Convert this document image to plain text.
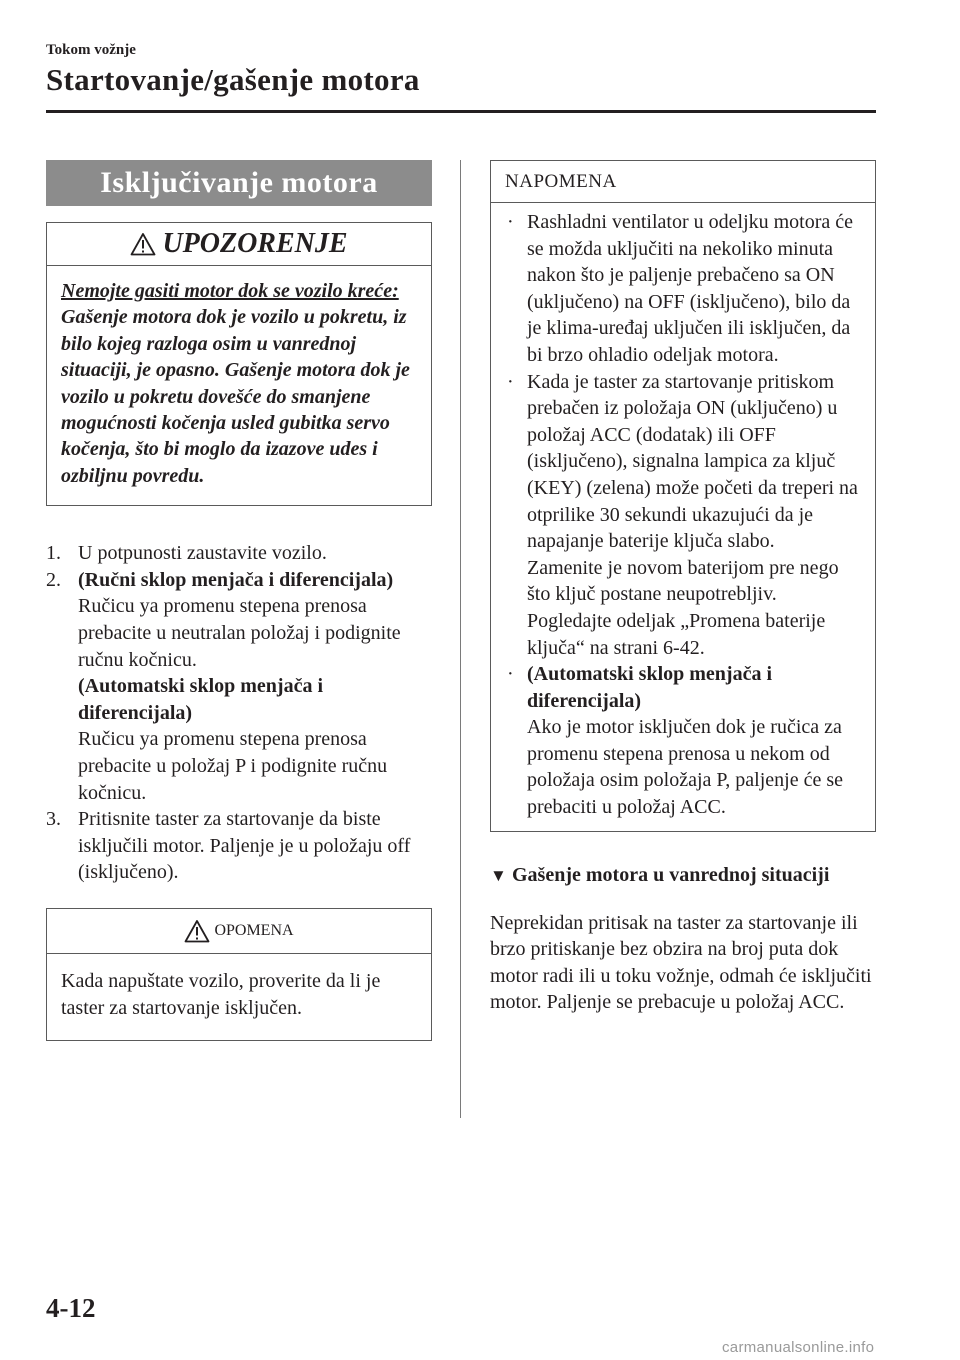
Tokom vožnje
Startovanje/gašenje motora
Isključivanje motora
UPOZORENJE
Nemojte gasiti motor dok se vozilo kreće:
Gašenje motora dok je vozilo u pokretu, iz bilo kojeg razloga osim u vanrednoj situaciji, je opasno. Gašenje motora dok je vozilo u pokretu dovešće do smanjene mogućnosti kočenja usled gubitka servo kočenja, što bi moglo da izazove udes i ozbiljnu povredu.
1. U potpunosti zaustavite vozilo.
2. (Ručni sklop menjača i diferencijala)
Ručicu ya promenu stepena prenosa prebacite u neutralan položaj i podignite ručnu kočnicu.
(Automatski sklop menjača i diferencijala)
Ručicu ya promenu stepena prenosa prebacite u položaj P i podignite ručnu kočnicu.
3. Pritisnite taster za startovanje da biste isključili motor. Paljenje je u položaju off (isključeno).
OPOMENA
Kada napuštate vozilo, proverite da li je taster za startovanje isključen.
NAPOMENA
· Rashladni ventilator u odeljku motora će se možda uključiti na nekoliko minuta nakon što je paljenje prebačeno sa ON (uključeno) na OFF (isključeno), bilo da je klima-uređaj uključen ili isključen, da bi brzo ohladio odeljak motora.
· Kada je taster za startovanje pritiskom prebačen iz položaja ON (uključeno) u položaj ACC (dodatak) ili OFF (isključeno), signalna lampica za ključ (KEY) (zelena) može početi da treperi na otprilike 30 sekundi ukazujući da je napajanje baterije ključa slabo.
Zamenite je novom baterijom pre nego što ključ postane neupotrebljiv. Pogledajte odeljak „Promena baterije ključa“ na strani 6-42.
· (Automatski sklop menjača i diferencijala)
Ako je motor isključen dok je ručica za promenu stepena prenosa u nekom od položaja osim položaja P, paljenje će se prebaciti u položaj ACC.
▼ Gašenje motora u vanrednoj situaciji
Neprekidan pritisak na taster za startovanje ili brzo pritiskanje bez obzira na broj puta dok motor radi ili u toku vožnje, odmah će isključiti motor. Paljenje se prebacuje u položaj ACC.
4-12
carmanualsonline.info
